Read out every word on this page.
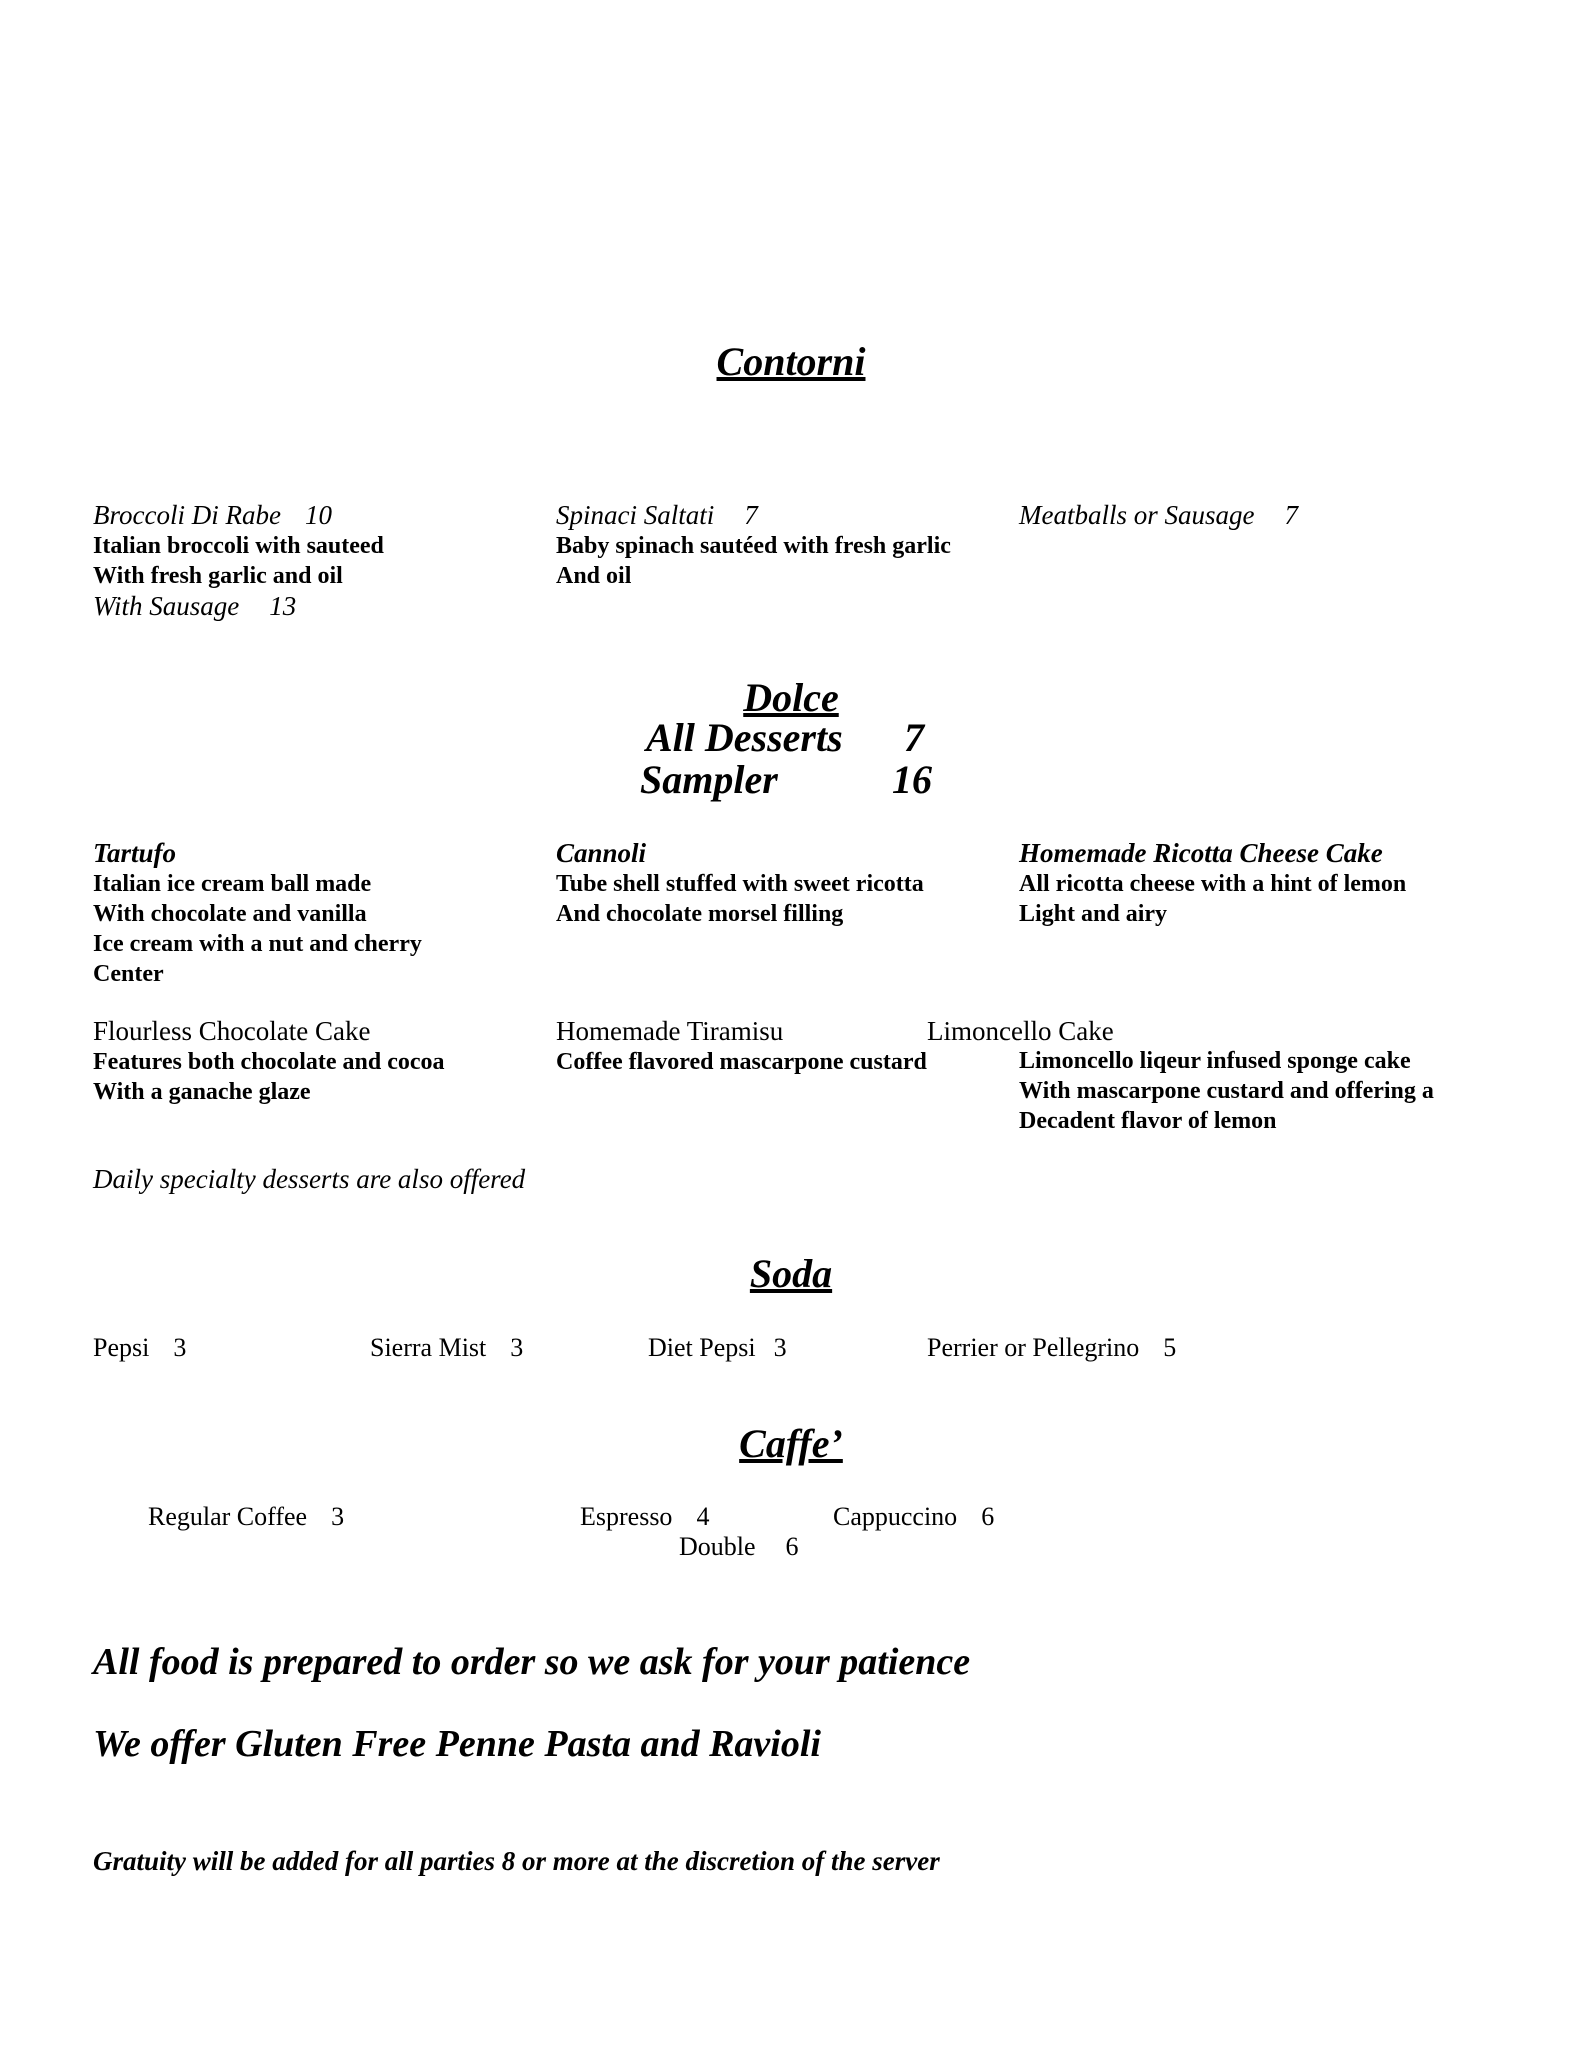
Contorni
Broccoli Di Rabe 10
Italian broccoli with sauteed
With fresh garlic and oil
With Sausage 13
Spinaci Saltati 7
Baby spinach sautéed with fresh garlic
And oil
Meatballs or Sausage 7
Dolce
All Desserts 7
Sampler	16
Tartufo
Italian ice cream ball made
With chocolate and vanilla
Ice cream with a nut and cherry
Center
Cannoli
Tube shell stuffed with sweet ricotta
And chocolate morsel filling
Homemade Ricotta Cheese Cake
All ricotta cheese with a hint of lemon
Light and airy
Flourless Chocolate Cake
Features both chocolate and cocoa
With a ganache glaze
Homemade Tiramisu
Coffee flavored mascarpone custard
Limoncello Cake
Limoncello liqeur infused sponge cake
With mascarpone custard and offering a
Decadent flavor of lemon
Daily specialty desserts are also offered
Soda
Pepsi 3	Sierra Mist 3	Diet Pepsi 3	Perrier or Pellegrino 5
Caffe’
Regular Coffee 3	Espresso 4	Cappuccino 6
Double 6
All food is prepared to order so we ask for your patience
We offer Gluten Free Penne Pasta and Ravioli
Gratuity will be added for all parties 8 or more at the discretion of the server
